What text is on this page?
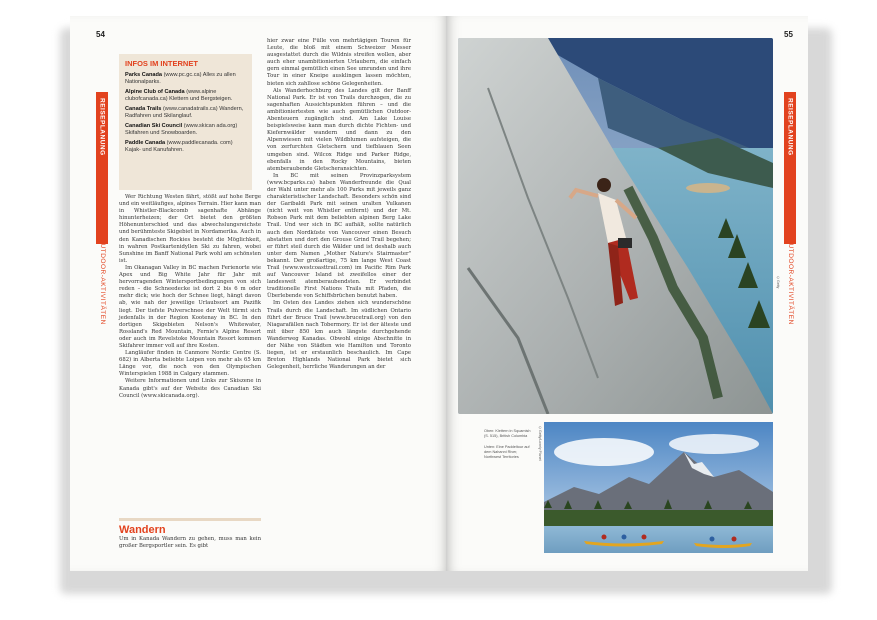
54
REISEPLANUNG
OUTDOOR-AKTIVITÄTEN
INFOS IM INTERNET
Parks Canada (www.pc.gc.ca) Alles zu allen Nationalparks.
Alpine Club of Canada (www.alpine clubofcanada.ca) Klettern und Bergsteigen.
Canada Trails (www.canadatrails.ca) Wandern, Radfahren und Skilanglauf.
Canadian Ski Council (www.skican ada.org) Skifahren und Snowboarden.
Paddle Canada (www.paddlecanada. com) Kajak- und Kanufahren.

Wer Richtung Westen fährt, stößt auf hohe Berge und ein weitläufiges, alpines Terrain. Hier kann man in Whistler-Blackcomb sagenhafte Abhänge hinunterheizen; der Ort bietet den größten Höhenunterschied und das abwechslungsreichste und berühmteste Skigebiet in Nordamerika. Auch in den Kanadischen Rockies besteht die Möglichkeit, in wahren Postkartenidyllen Ski zu fahren, wobei Sunshine im Banff National Park wohl am schönsten ist.

Im Okanagan Valley in BC machen Ferienorte wie Apex und Big White Jahr für Jahr mit hervorragenden Wintersportbedingungen von sich reden – die Schneedecke ist dort 2 bis 6 m oder mehr dick; wie hoch der Schnee liegt, hängt davon ab, wie nah der jeweilige Urlaubsort am Pazifik liegt. Der tiefste Pulverschnee der Welt türmt sich jedenfalls in der Region Kootenay in BC. In den dortigen Skigebieten Nelson's Whitewater, Rossland's Red Mountain, Fernie's Alpine Resort oder auch im Revelstoke Mountain Resort kommen Skifahrer immer voll auf ihre Kosten.

Langläufer finden in Canmore Nordic Centre (S. 682) in Alberta beliebte Loipen von mehr als 65 km Länge vor, die noch von den Olympischen Winterspielen 1988 in Calgary stammen.

Weitere Informationen und Links zur Skiszene in Kanada gibt's auf der Website des Canadian Ski Council (www.skicanada.org).

Wandern
Um in Kanada Wandern zu gehen, muss man kein großer Bergsportler sein. Es gibt

hier zwar eine Fülle von mehrtägigen Touren für Leute, die bloß mit einem Schweizer Messer ausgestattet durch die Wildnis streifen wollen, aber auch eher unambitionierten Urlaubern, die einfach gern einmal gemütlich einen See umrunden und ihre Tour in einer Kneipe ausklingen lassen möchten, bieten sich zahllose schöne Gelegenheiten.

Als Wanderhochburg des Landes gilt der Banff National Park. Er ist von Trails durchzogen, die zu sagenhaften Aussichtspunkten führen – und die ambitioniertesten wie auch gemütlichen Outdoor-Abenteuern zugänglich sind. Am Lake Louise beispielsweise kann man durch dichte Fichten- und Kiefernwälder wandern und dann zu den Alpenwiesen mit vielen Wildblumen aufsteigen, die von zerfurchten Gletschern und tiefblauen Seen umgeben sind. Wilcox Ridge und Parker Ridge, ebenfalls in den Rocky Mountains, bieten atemberaubende Gletscheransichten.

In BC mit seinen Provinzparksystem (www.bcparks.ca) haben Wanderfreunde die Qual der Wahl unter mehr als 100 Parks mit jeweils ganz charakteristischer Landschaft. Besonders schön sind der Garibaldi Park mit seinen uralten Vulkanen (nicht weit von Whistler entfernt) und der Mt. Robson Park mit dem beliebten alpinen Berg Lake Trail. Und wer sich in BC aufhält, sollte natürlich auch den Nordküste von Vancouver einen Besuch abstatten und dort den Grouse Grind Trail begehen; er führt steil durch die Wälder und ist deshalb auch unter dem Namen „Mother Nature's Stairmaster" bekannt. Der großartige, 75 km lange West Coast Trail (www.westcoasttrail.com) im Pacific Rim Park auf Vancouver Island ist zweifellos einer der landesweit atemberaubendsten. Er verbindet traditionelle First Nations Trails mit Pfaden, die Überlebende von Schiffsbrüchen benutzt haben.

Im Osten des Landes ziehen sich wunderschöne Trails durch die Landschaft. Im südlichen Ontario führt der Bruce Trail (www.brucetrail.org) von den Niagarafällen nach Tobermory. Er ist der älteste und mit über 850 km auch längste durchgehende Wanderweg Kanadas. Obwohl einige Abschnitte in der Nähe von Städten wie Hamilton und Toronto liegen, ist er erstaunlich beschaulich. Im Cape Breton Highlands National Park bietet sich Gelegenheit, herrliche Wanderungen an der

55
REISEPLANUNG
OUTDOOR-AKTIVITÄTEN
©Getty
©Getty/Lonely Planet
Oben: Klettern in Squamish (S. 515), British Columbia
Unten: Eine Paddeltour auf dem Nahanni River, Northwest Territories
